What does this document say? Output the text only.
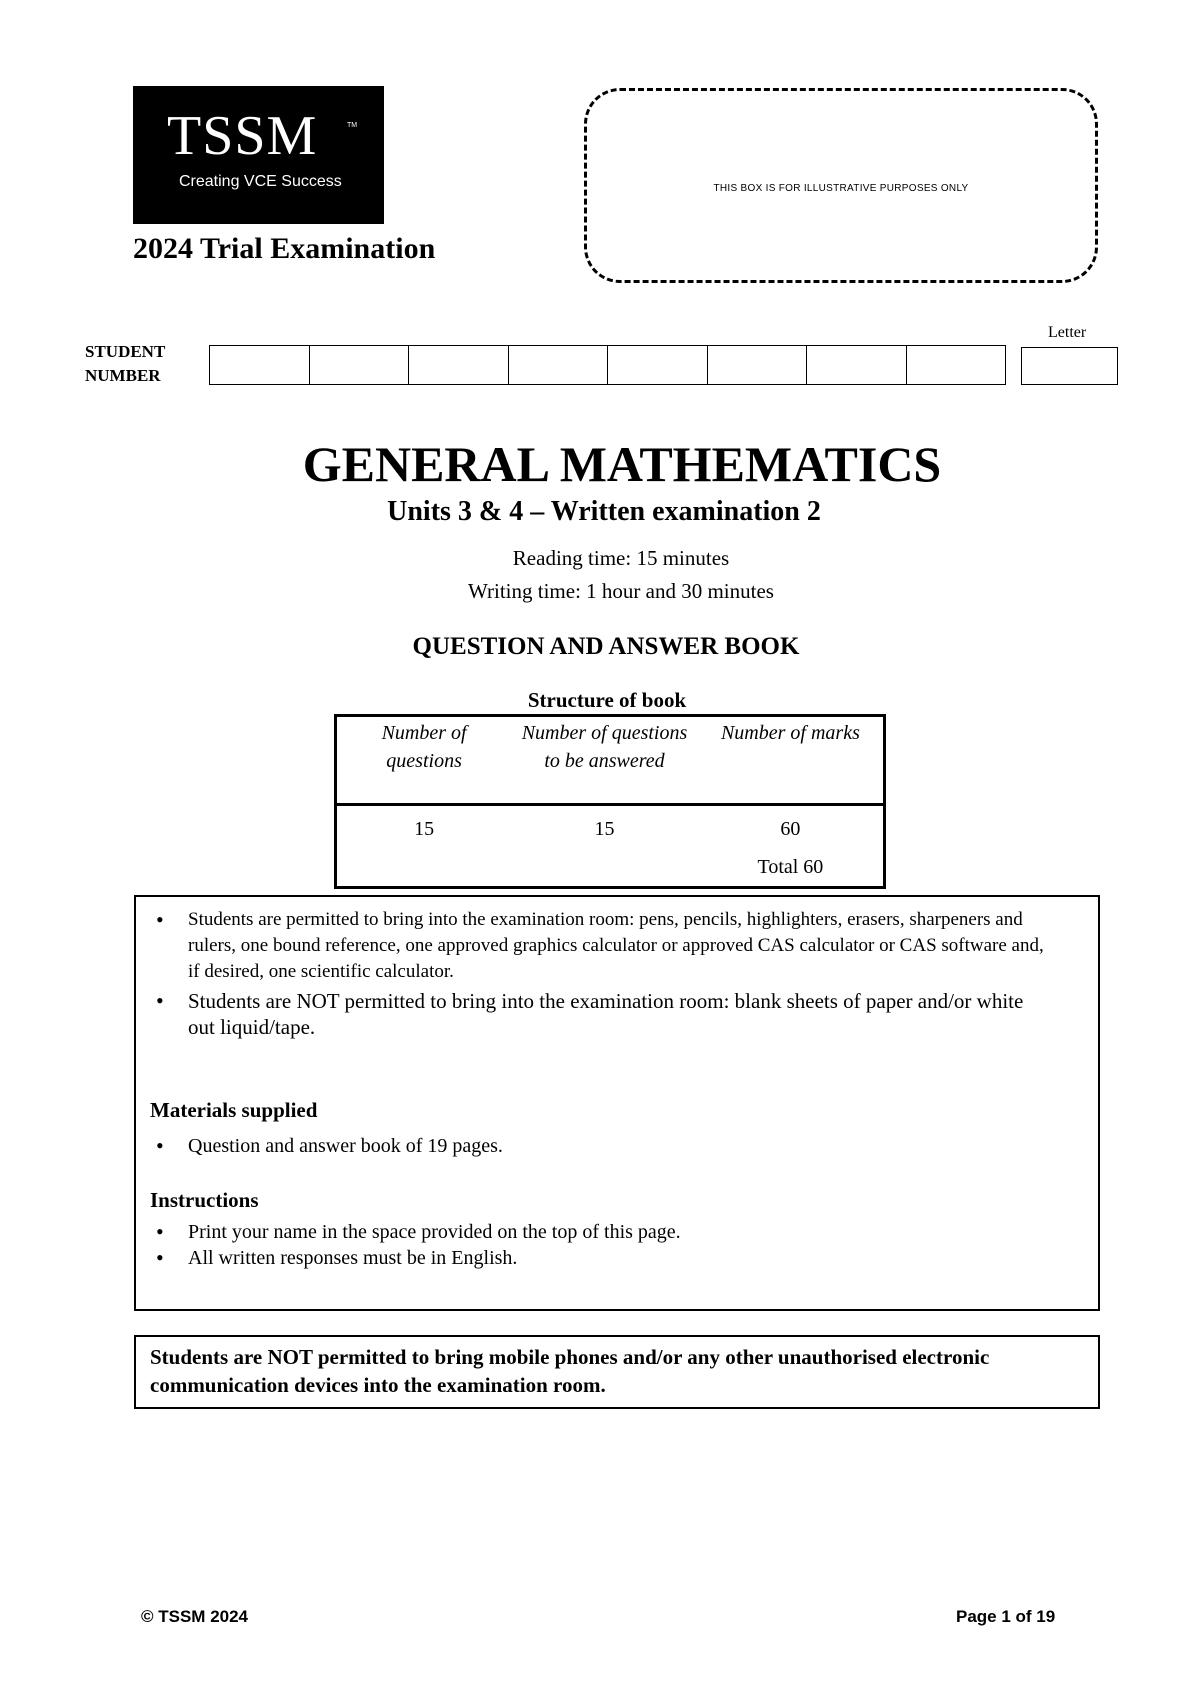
TSSM	TM
Creating VCE Success
2024 Trial Examination
THIS BOX IS FOR ILLUSTRATIVE PURPOSES ONLY
STUDENT
NUMBER
Letter
GENERAL MATHEMATICS
Units 3 & 4 – Written examination 2
Reading time: 15 minutes
Writing time: 1 hour and 30 minutes
QUESTION AND ANSWER BOOK
Structure of book
Number of questions	Number of questions to be answered	Number of marks
15	15	60
		Total 60
• Students are permitted to bring into the examination room: pens, pencils, highlighters, erasers, sharpeners and rulers, one bound reference, one approved graphics calculator or approved CAS calculator or CAS software and, if desired, one scientific calculator.
• Students are NOT permitted to bring into the examination room: blank sheets of paper and/or white out liquid/tape.
Materials supplied
• Question and answer book of 19 pages.
Instructions
• Print your name in the space provided on the top of this page.
• All written responses must be in English.
Students are NOT permitted to bring mobile phones and/or any other unauthorised electronic communication devices into the examination room.
© TSSM 2024	Page 1 of 19
